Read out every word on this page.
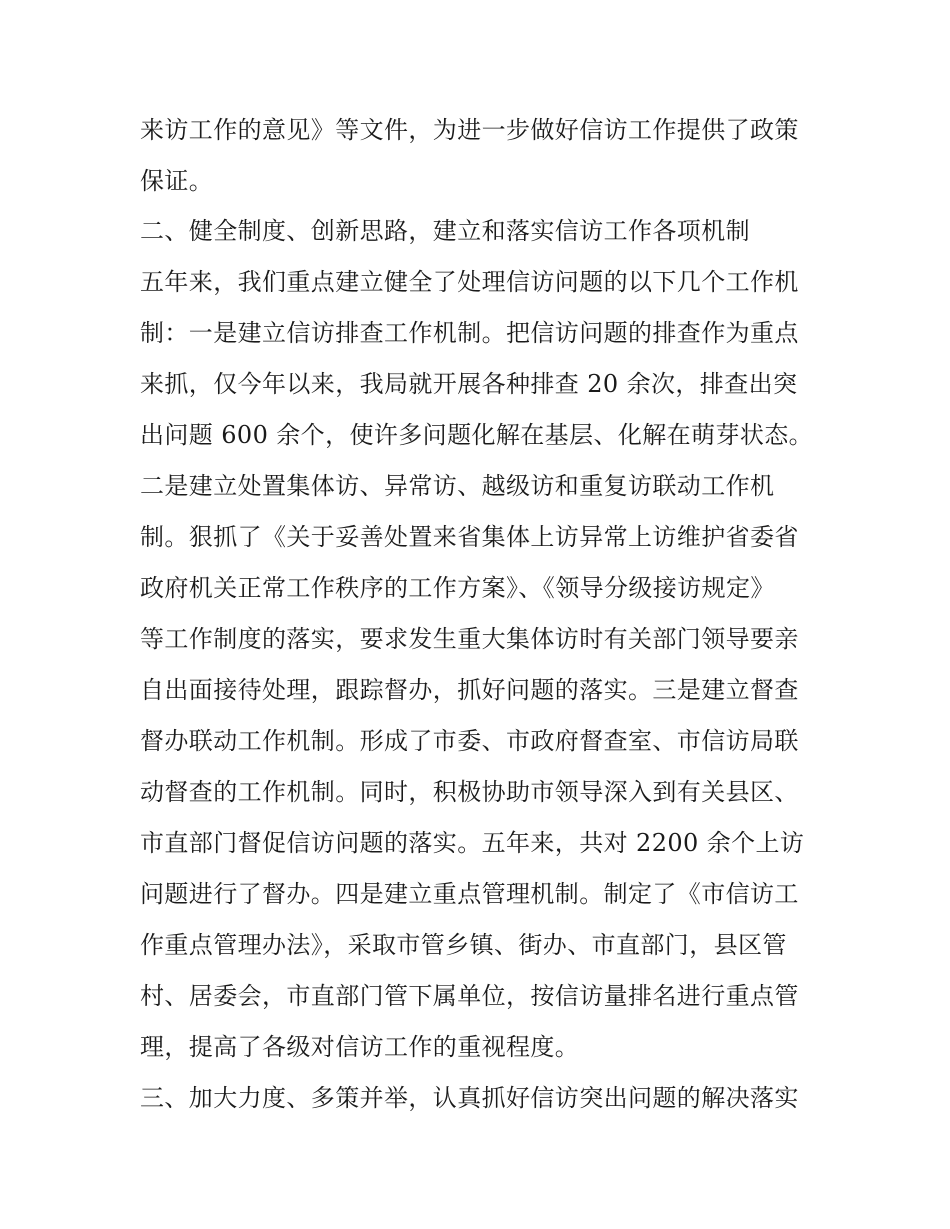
来访工作的意见》等文件，为进一步做好信访工作提供了政策
保证。
二、健全制度、创新思路，建立和落实信访工作各项机制
五年来，我们重点建立健全了处理信访问题的以下几个工作机
制：一是建立信访排查工作机制。把信访问题的排查作为重点
来抓，仅今年以来，我局就开展各种排查 20 余次，排查出突
出问题 600 余个，使许多问题化解在基层、化解在萌芽状态。
二是建立处置集体访、异常访、越级访和重复访联动工作机
制。狠抓了《关于妥善处置来省集体上访异常上访维护省委省
政府机关正常工作秩序的工作方案》、《领导分级接访规定》
等工作制度的落实，要求发生重大集体访时有关部门领导要亲
自出面接待处理，跟踪督办，抓好问题的落实。三是建立督查
督办联动工作机制。形成了市委、市政府督查室、市信访局联
动督查的工作机制。同时，积极协助市领导深入到有关县区、
市直部门督促信访问题的落实。五年来，共对 2200 余个上访
问题进行了督办。四是建立重点管理机制。制定了《市信访工
作重点管理办法》，采取市管乡镇、街办、市直部门，县区管
村、居委会，市直部门管下属单位，按信访量排名进行重点管
理，提高了各级对信访工作的重视程度。
三、加大力度、多策并举，认真抓好信访突出问题的解决落实
